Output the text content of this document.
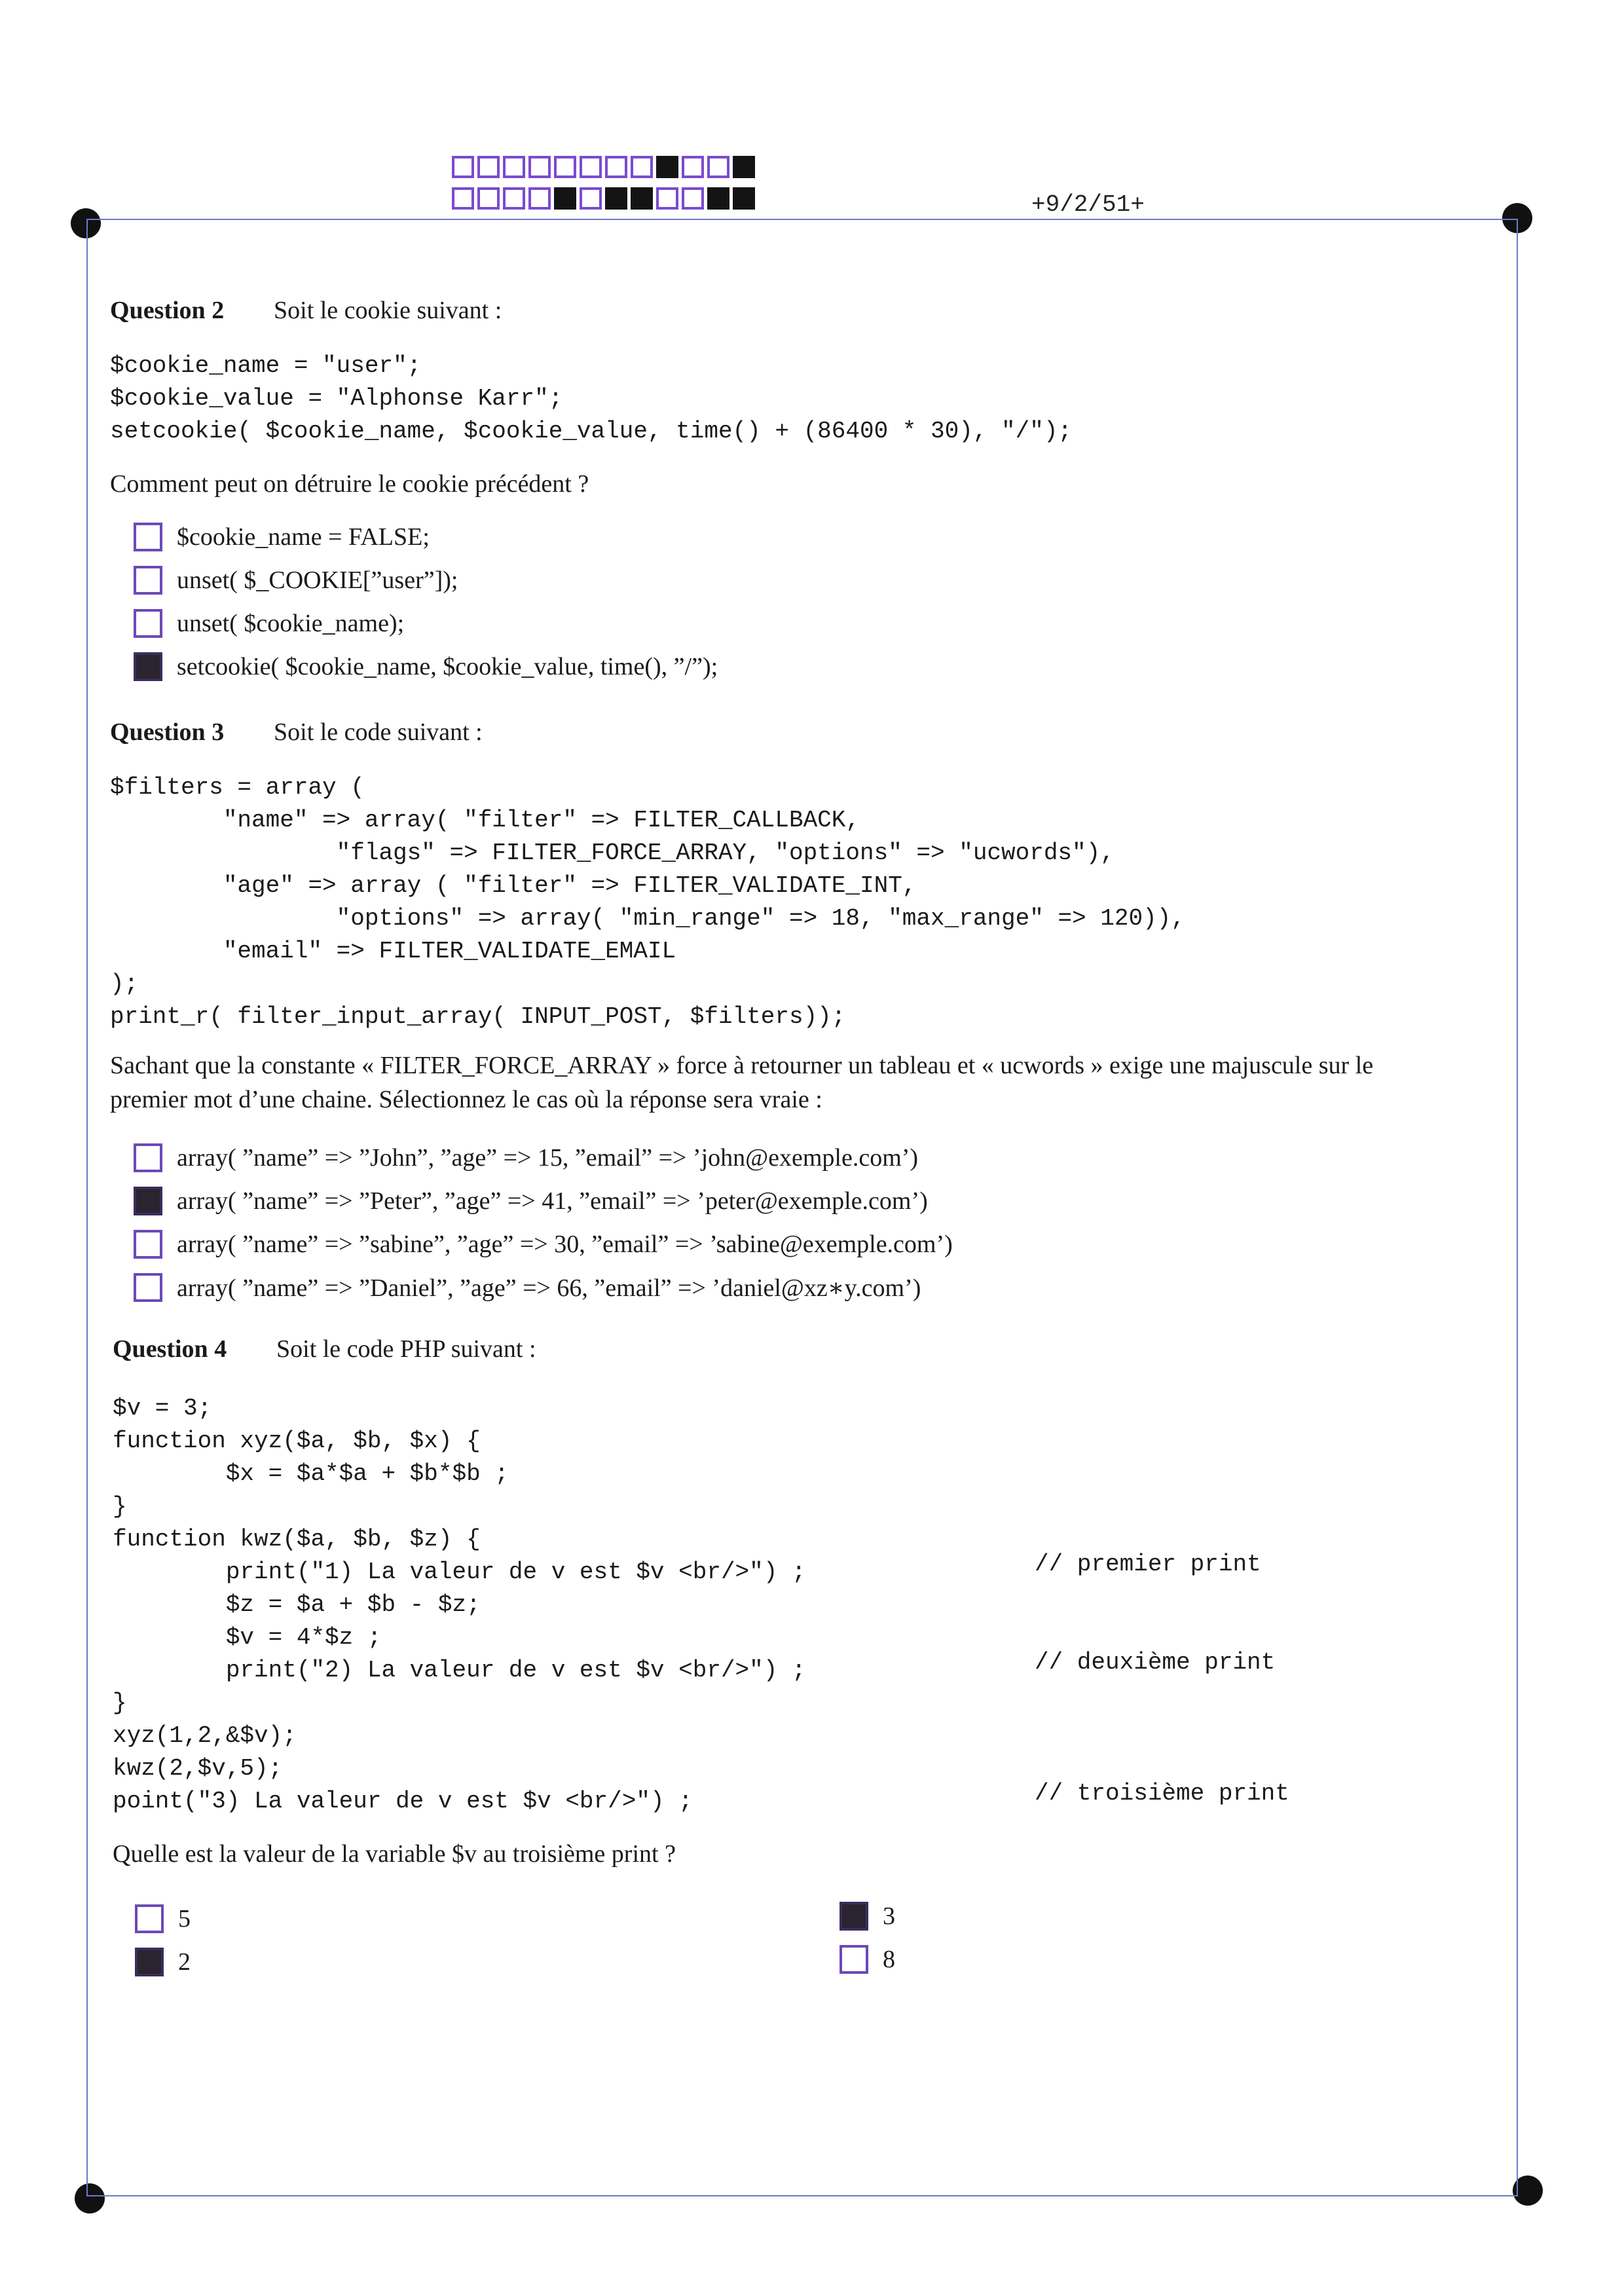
+9/2/51+
Question 2 Soit le cookie suivant :
$cookie_name = "user";
$cookie_value = "Alphonse Karr";
setcookie( $cookie_name, $cookie_value, time() + (86400 * 30), "/");
Comment peut on détruire le cookie précédent ?
$cookie_name = FALSE;
unset( $_COOKIE[”user”]);
unset( $cookie_name);
setcookie( $cookie_name, $cookie_value, time(), ”/”);
Question 3 Soit le code suivant :
$filters = array (
"name" => array( "filter" => FILTER_CALLBACK,
"flags" => FILTER_FORCE_ARRAY, "options" => "ucwords"),
"age" => array ( "filter" => FILTER_VALIDATE_INT,
"options" => array( "min_range" => 18, "max_range" => 120)),
"email" => FILTER_VALIDATE_EMAIL
);
print_r( filter_input_array( INPUT_POST, $filters));
Sachant que la constante « FILTER_FORCE_ARRAY » force à retourner un tableau et « ucwords » exige une majuscule sur le
premier mot d’une chaine. Sélectionnez le cas où la réponse sera vraie :
array( ”name” => ”John”, ”age” => 15, ”email” => ’john@exemple.com’)
array( ”name” => ”Peter”, ”age” => 41, ”email” => ’peter@exemple.com’)
array( ”name” => ”sabine”, ”age” => 30, ”email” => ’sabine@exemple.com’)
array( ”name” => ”Daniel”, ”age” => 66, ”email” => ’daniel@xz∗y.com’)
Question 4 Soit le code PHP suivant :
$v = 3;
function xyz($a, $b, $x) {
$x = $a*$a + $b*$b ;
}
function kwz($a, $b, $z) {
print("1) La valeur de v est $v <br/>") ;
$z = $a + $b - $z;
$v = 4*$z ;
print("2) La valeur de v est $v <br/>") ;
}
xyz(1,2,&$v);
kwz(2,$v,5);
point("3) La valeur de v est $v <br/>") ;
// premier print
// deuxième print
// troisième print
Quelle est la valeur de la variable $v au troisième print ?
5	3
2	8
